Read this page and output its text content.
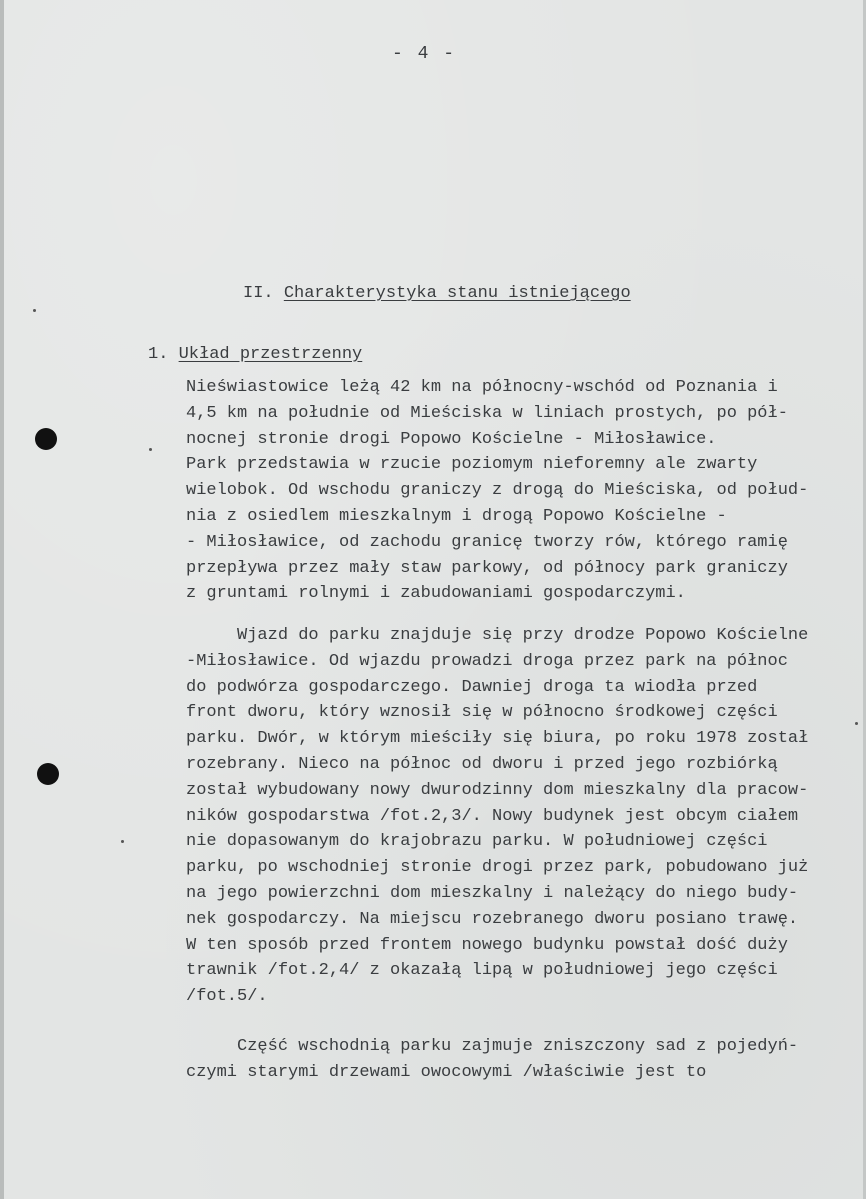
- 4 -
II. Charakterystyka stanu istniejącego
1. Układ przestrzenny
Nieświastowice leżą 42 km na północny-wschód od Poznania i
4,5 km na południe od Mieściska w liniach prostych, po pół-
nocnej stronie drogi Popowo Kościelne - Miłosławice.
Park przedstawia w rzucie poziomym nieforemny ale zwarty
wielobok. Od wschodu graniczy z drogą do Mieściska, od połud-
nia z osiedlem mieszkalnym i drogą Popowo Kościelne -
- Miłosławice, od zachodu granicę tworzy rów, którego ramię
przepływa przez mały staw parkowy, od północy park graniczy
z gruntami rolnymi i zabudowaniami gospodarczymi.
Wjazd do parku znajduje się przy drodze Popowo Kościelne
-Miłosławice. Od wjazdu prowadzi droga przez park na północ
do podwórza gospodarczego. Dawniej droga ta wiodła przed
front dworu, który wznosił się w północno środkowej części
parku. Dwór, w którym mieściły się biura, po roku 1978 został
rozebrany. Nieco na północ od dworu i przed jego rozbiórką
został wybudowany nowy dwurodzinny dom mieszkalny dla pracow-
ników gospodarstwa /fot.2,3/. Nowy budynek jest obcym ciałem
nie dopasowanym do krajobrazu parku. W południowej części
parku, po wschodniej stronie drogi przez park, pobudowano już
na jego powierzchni dom mieszkalny i należący do niego budy-
nek gospodarczy. Na miejscu rozebranego dworu posiano trawę.
W ten sposób przed frontem nowego budynku powstał dość duży
trawnik /fot.2,4/ z okazałą lipą w południowej jego części
/fot.5/.
Część wschodnią parku zajmuje zniszczony sad z pojedyń-
czymi starymi drzewami owocowymi /właściwie jest to
